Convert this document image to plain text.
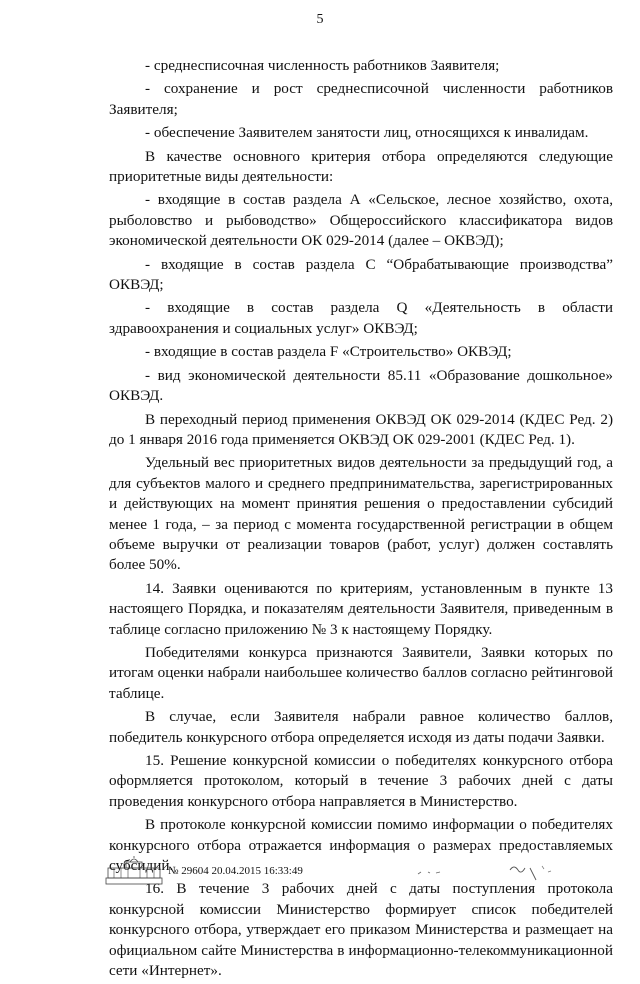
5

- среднесписочная численность работников Заявителя;

- сохранение и рост среднесписочной численности работников Заявителя;

- обеспечение Заявителем занятости лиц, относящихся к инвалидам.

В качестве основного критерия отбора определяются следующие приоритетные виды деятельности:

- входящие в состав раздела А «Сельское, лесное хозяйство, охота, рыболовство и рыбоводство» Общероссийского классификатора видов экономической деятельности ОК 029-2014 (далее – ОКВЭД);

- входящие в состав раздела С “Обрабатывающие производства” ОКВЭД;

- входящие в состав раздела Q «Деятельность в области здравоохранения и социальных услуг» ОКВЭД;

- входящие в состав раздела F «Строительство» ОКВЭД;

- вид экономической деятельности 85.11 «Образование дошкольное» ОКВЭД.

В переходный период применения ОКВЭД ОК 029-2014 (КДЕС Ред. 2) до 1 января 2016 года применяется ОКВЭД ОК 029-2001 (КДЕС Ред. 1).

Удельный вес приоритетных видов деятельности за предыдущий год, а для субъектов малого и среднего предпринимательства, зарегистрированных и действующих на момент принятия решения о предоставлении субсидий менее 1 года, – за период с момента государственной регистрации в общем объеме выручки от реализации товаров (работ, услуг) должен составлять более 50%.

14. Заявки оцениваются по критериям, установленным в пункте 13 настоящего Порядка, и показателям деятельности Заявителя, приведенным в таблице согласно приложению № 3 к настоящему Порядку.

Победителями конкурса признаются Заявители, Заявки которых по итогам оценки набрали наибольшее количество баллов согласно рейтинговой таблице.

В случае, если Заявителя набрали равное количество баллов, победитель конкурсного отбора определяется исходя из даты подачи Заявки.

15. Решение конкурсной комиссии о победителях конкурсного отбора оформляется протоколом, который в течение 3 рабочих дней с даты проведения конкурсного отбора направляется в Министерство.

В протоколе конкурсной комиссии помимо информации о победителях конкурсного отбора отражается информация о размерах предоставляемых субсидий.

16. В течение 3 рабочих дней с даты поступления протокола конкурсной комиссии Министерство формирует список победителей конкурсного отбора, утверждает его приказом Министерства и размещает на официальном сайте Министерства в информационно-телекоммуникационной сети «Интернет».

№ 29604 20.04.2015 16:33:49
